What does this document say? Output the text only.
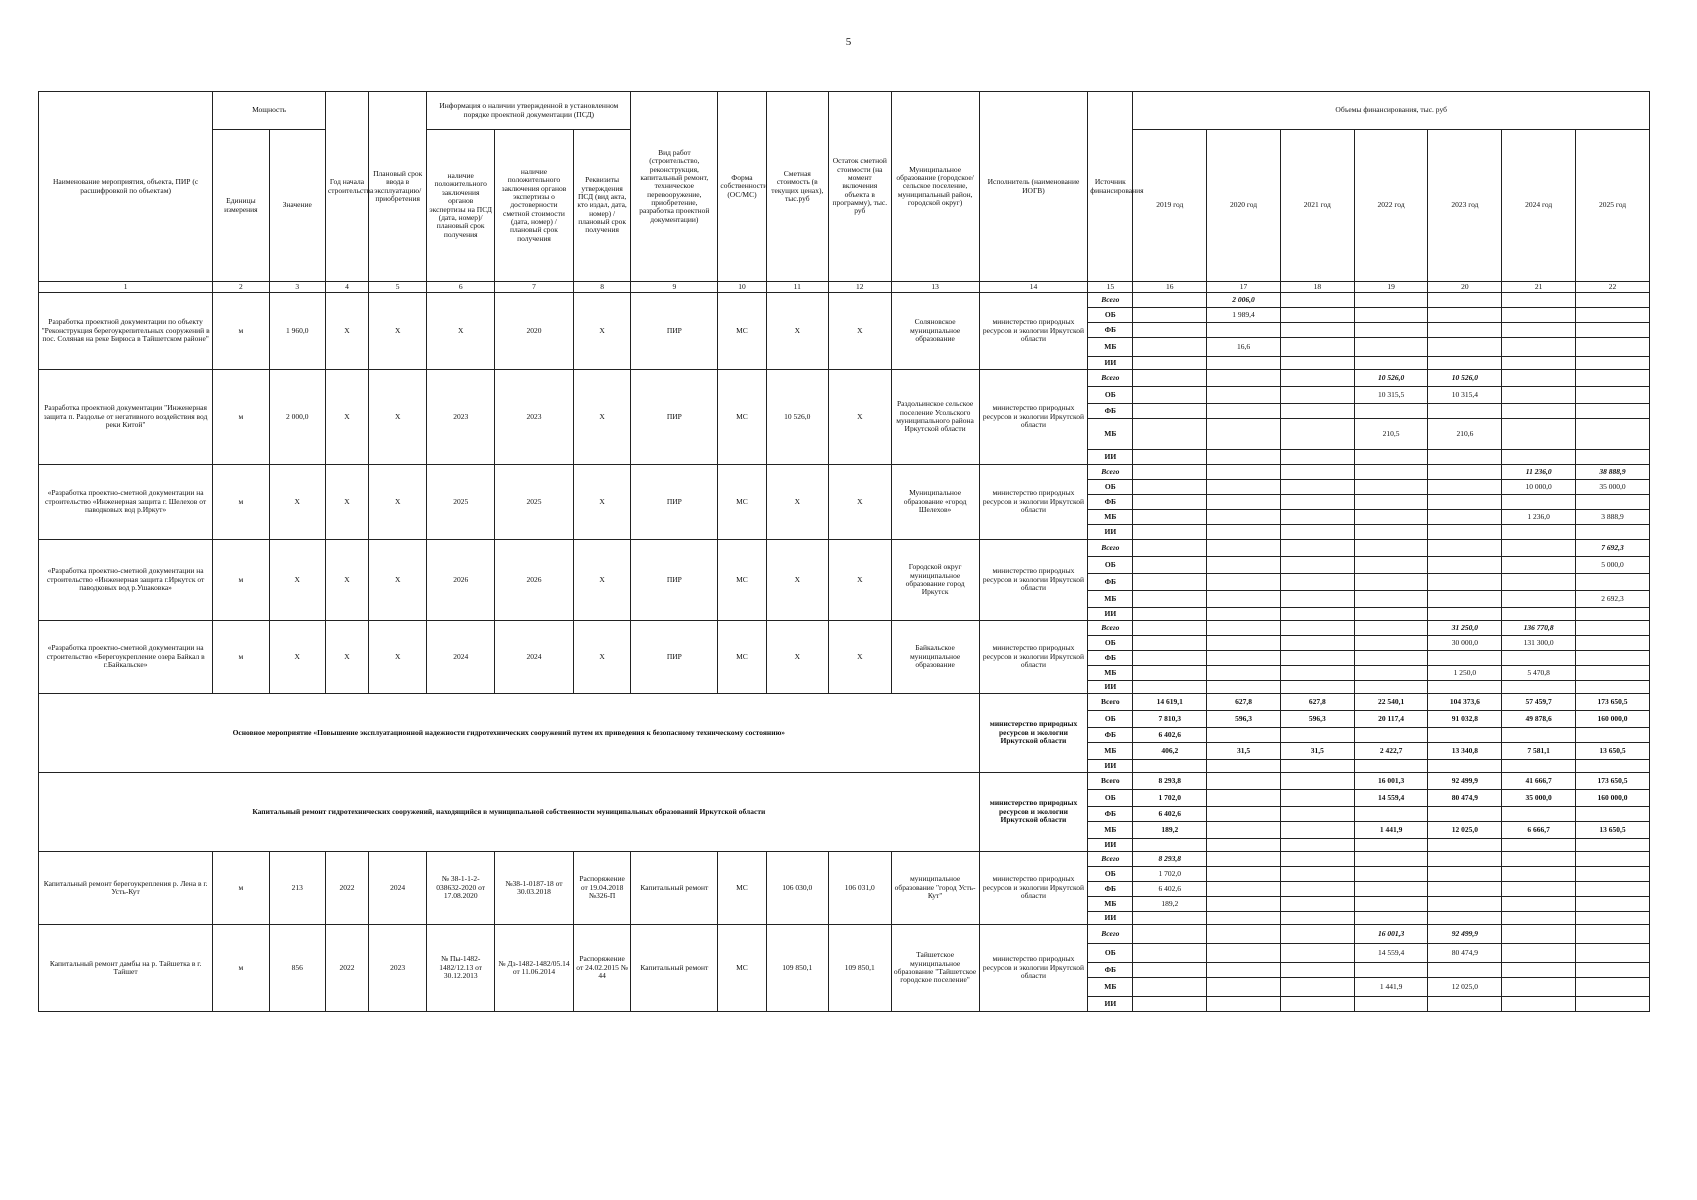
5
Наименование мероприятия, объекта, ПИР (с расшифровкой по объектам)	Мощность		Год начала строительства	Плановый срок ввода в эксплуатацию/приобретения	Информация о наличии утвержденной в установленном порядке проектной документации (ПСД)			Вид работ (строительство, реконструкция, капитальный ремонт, техническое перевооружение, приобретение, разработка проектной документации)	Форма собственности (ОС/МС)	Сметная стоимость (в текущих ценах), тыс.руб	Остаток сметной стоимости (на момент включения объекта в программу), тыс. руб	Муниципальное образование (городское/сельское поселение, муниципальный район, городской округ)	Исполнитель (наименование ИОГВ)	Источник финансирования	Объемы финансирования, тыс. руб						
	Единицы измерения	Значение			наличие положительного заключения органов экспертизы на ПСД (дата, номер)/плановый срок получения	наличие положительного заключения органов экспертизы о достоверности сметной стоимости (дата, номер) / плановый срок получения	Реквизиты утверждения ПСД (вид акта, кто издал, дата, номер) / плановый срок получения								2019 год	2020 год	2021 год	2022 год	2023 год	2024 год	2025 год
1	2	3	4	5	6	7	8	9	10	11	12	13	14	15	16	17	18	19	20	21	22
Разработка проектной документации по объекту "Реконструкция берегоукрепительных сооружений в пос. Соляная на реке Бирюса в Тайшетском районе"	м	1 960,0	X	X	X	2020	X	ПИР	МС	X	X	Соляновское муниципальное образование	министерство природных ресурсов и экологии Иркутской области	Всего		2 006,0					
														ОБ		1 989,4					
														ФБ							
														МБ		16,6					
														ИИ							
Разработка проектной документации "Инженерная защита п. Раздолье от негативного воздействия вод реки Китой"	м	2 000,0	X	X	2023	2023	X	ПИР	МС	10 526,0	X	Раздольинское сельское поселение Усольского муниципального района Иркутской области	министерство природных ресурсов и экологии Иркутской области	Всего				10 526,0	10 526,0		
														ОБ				10 315,5	10 315,4		
														ФБ							
														МБ				210,5	210,6		
														ИИ							
«Разработка проектно-сметной документации на строительство «Инженерная защита г. Шелехов от паводковых вод р.Иркут»	м	X	X	X	2025	2025	X	ПИР	МС	X	X	Муниципальное образование «город Шелехов»	министерство природных ресурсов и экологии Иркутской области	Всего						11 236,0	38 888,9
														ОБ						10 000,0	35 000,0
														ФБ							
														МБ						1 236,0	3 888,9
														ИИ							
«Разработка проектно-сметной документации на строительство «Инженерная защита г.Иркутск от паводковых вод р.Ушаковка»	м	X	X	X	2026	2026	X	ПИР	МС	X	X	Городской округ муниципальное образование город Иркутск	министерство природных ресурсов и экологии Иркутской области	Всего							7 692,3
														ОБ							5 000,0
														ФБ							
														МБ							2 692,3
														ИИ							
«Разработка проектно-сметной документации на строительство «Берегоукрепление озера Байкал в г.Байкальске»	м	X	X	X	2024	2024	X	ПИР	МС	X	X	Байкальское муниципальное образование	министерство природных ресурсов и экологии Иркутской области	Всего					31 250,0	136 770,8	
														ОБ					30 000,0	131 300,0	
														ФБ							
														МБ					1 250,0	5 470,8	
														ИИ							
Основное мероприятие «Повышение эксплуатационной надежности гидротехнических сооружений путем их приведения к безопасному техническому состоянию»													министерство природных ресурсов и экологии Иркутской области	Всего	14 619,1	627,8	627,8	22 540,1	104 373,6	57 459,7	173 650,5
														ОБ	7 810,3	596,3	596,3	20 117,4	91 032,8	49 878,6	160 000,0
														ФБ	6 402,6						
														МБ	406,2	31,5	31,5	2 422,7	13 340,8	7 581,1	13 650,5
														ИИ							
Капитальный ремонт гидротехнических сооружений, находящийся в муниципальной собственности муниципальных образований Иркутской области													министерство природных ресурсов и экологии Иркутской области	Всего	8 293,8			16 001,3	92 499,9	41 666,7	173 650,5
														ОБ	1 702,0			14 559,4	80 474,9	35 000,0	160 000,0
														ФБ	6 402,6						
														МБ	189,2			1 441,9	12 025,0	6 666,7	13 650,5
														ИИ							
Капитальный ремонт берегоукрепления р. Лена в г. Усть-Кут	м	213	2022	2024	№ 38-1-1-2-038632-2020 от 17.08.2020	№38-1-0187-18 от 30.03.2018	Распоряжение от 19.04.2018 №326-П	Капитальный ремонт	МС	106 030,0	106 031,0	муниципальное образование "город Усть-Кут"	министерство природных ресурсов и экологии Иркутской области	Всего	8 293,8						
														ОБ	1 702,0						
														ФБ	6 402,6						
														МБ	189,2						
														ИИ							
Капитальный ремонт дамбы на р. Тайшетка в г. Тайшет	м	856	2022	2023	№ Пы-1482-1482/12.13 от 30.12.2013	№ Дз-1482-1482/05.14 от 11.06.2014	Распоряжение от 24.02.2015 № 44	Капитальный ремонт	МС	109 850,1	109 850,1	Тайшетское муниципальное образование "Тайшетское городское поселение"	министерство природных ресурсов и экологии Иркутской области	Всего				16 001,3	92 499,9		
														ОБ				14 559,4	80 474,9		
														ФБ							
														МБ				1 441,9	12 025,0		
														ИИ							
